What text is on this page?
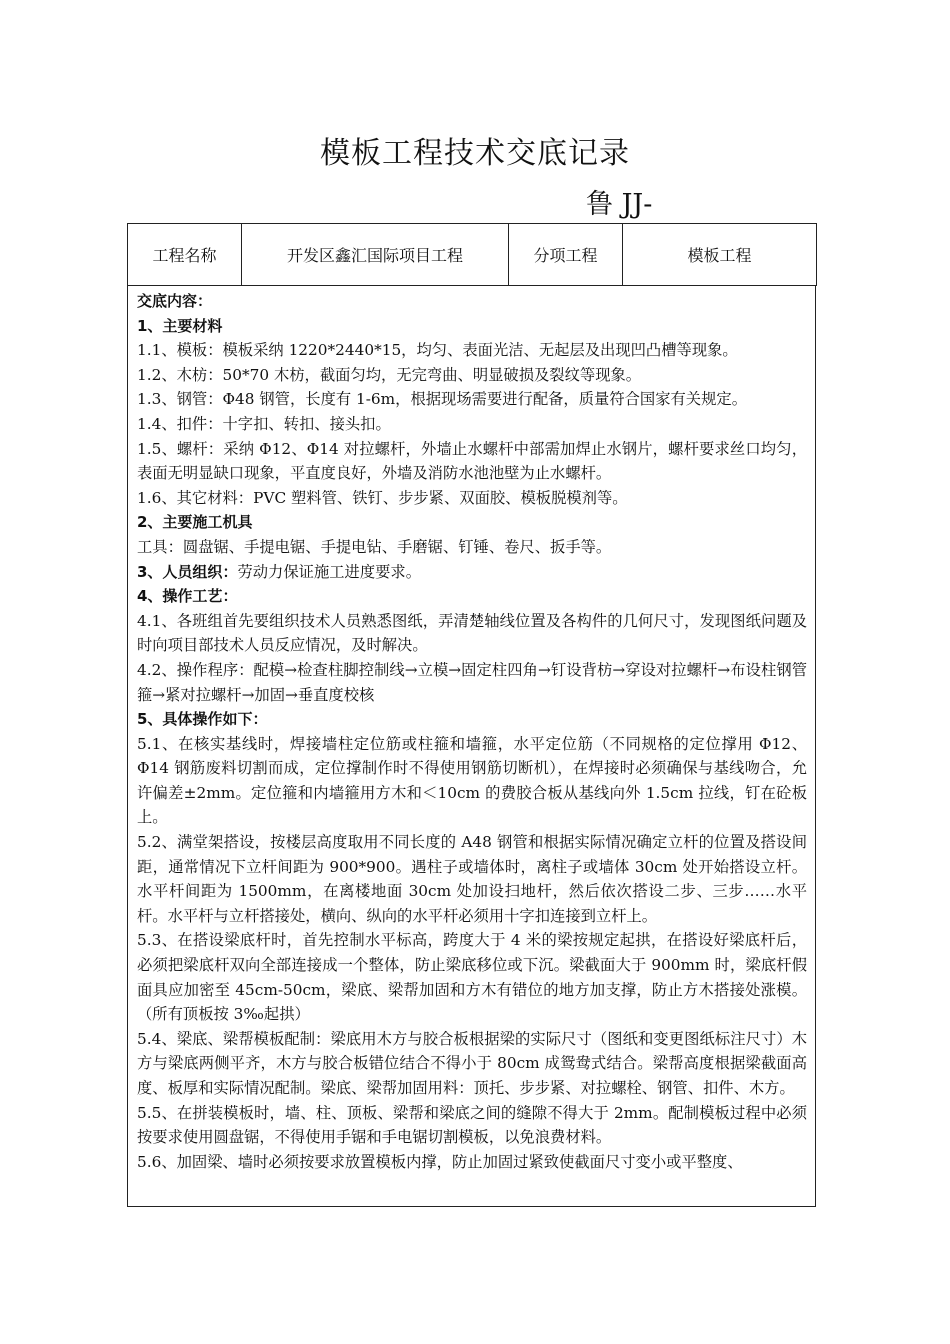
模板工程技术交底记录
鲁 JJ-
工程名称	开发区鑫汇国际项目工程	分项工程	模板工程

交底内容：

1、主要材料

1.1、模板：模板采纳 1220*2440*15，均匀、表面光洁、无起层及出现凹凸槽等现象。

1.2、木枋：50*70 木枋，截面匀均，无完弯曲、明显破损及裂纹等现象。

1.3、钢管：Φ48 钢管，长度有 1-6m，根据现场需要进行配备，质量符合国家有关规定。

1.4、扣件：十字扣、转扣、接头扣。

1.5、螺杆：采纳 Φ12、Φ14 对拉螺杆，外墙止水螺杆中部需加焊止水钢片，螺杆要求丝口均匀，表面无明显缺口现象，平直度良好，外墙及消防水池池壁为止水螺杆。

1.6、其它材料：PVC 塑料管、铁钉、步步紧、双面胶、模板脱模剂等。

2、主要施工机具

工具：圆盘锯、手提电锯、手提电钻、手磨锯、钉锤、卷尺、扳手等。

3、人员组织：劳动力保证施工进度要求。

4、操作工艺：

4.1、各班组首先要组织技术人员熟悉图纸，弄清楚轴线位置及各构件的几何尺寸，发现图纸问题及时向项目部技术人员反应情况，及时解决。

4.2、操作程序：配模→检查柱脚控制线→立模→固定柱四角→钉设背枋→穿设对拉螺杆→布设柱钢管箍→紧对拉螺杆→加固→垂直度校核

5、具体操作如下：

5.1、在核实基线时，焊接墙柱定位筋或柱箍和墙箍，水平定位筋（不同规格的定位撑用 Φ12、Φ14 钢筋废料切割而成，定位撑制作时不得使用钢筋切断机），在焊接时必须确保与基线吻合，允许偏差±2mm。定位箍和内墙箍用方木和＜10cm 的费胶合板从基线向外 1.5cm 拉线，钉在砼板上。

5.2、满堂架搭设，按楼层高度取用不同长度的 A48 钢管和根据实际情况确定立杆的位置及搭设间距，通常情况下立杆间距为 900*900。遇柱子或墙体时，离柱子或墙体 30cm 处开始搭设立杆。水平杆间距为 1500mm，在离楼地面 30cm 处加设扫地杆，然后依次搭设二步、三步……水平杆。水平杆与立杆搭接处，横向、纵向的水平杆必须用十字扣连接到立杆上。

5.3、在搭设梁底杆时，首先控制水平标高，跨度大于 4 米的梁按规定起拱，在搭设好梁底杆后，必须把梁底杆双向全部连接成一个整体，防止梁底移位或下沉。梁截面大于 900mm 时，梁底杆假面具应加密至 45cm-50cm，梁底、梁帮加固和方木有错位的地方加支撑，防止方木搭接处涨模。（所有顶板按 3‰起拱）

5.4、梁底、梁帮模板配制：梁底用木方与胶合板根据梁的实际尺寸（图纸和变更图纸标注尺寸）木方与梁底两侧平齐，木方与胶合板错位结合不得小于 80cm 成鸳鸯式结合。梁帮高度根据梁截面高度、板厚和实际情况配制。梁底、梁帮加固用料：顶托、步步紧、对拉螺栓、钢管、扣件、木方。

5.5、在拼装模板时，墙、柱、顶板、梁帮和梁底之间的缝隙不得大于 2mm。配制模板过程中必须按要求使用圆盘锯，不得使用手锯和手电锯切割模板，以免浪费材料。

5.6、加固梁、墙时必须按要求放置模板内撑，防止加固过紧致使截面尺寸变小或平整度、
